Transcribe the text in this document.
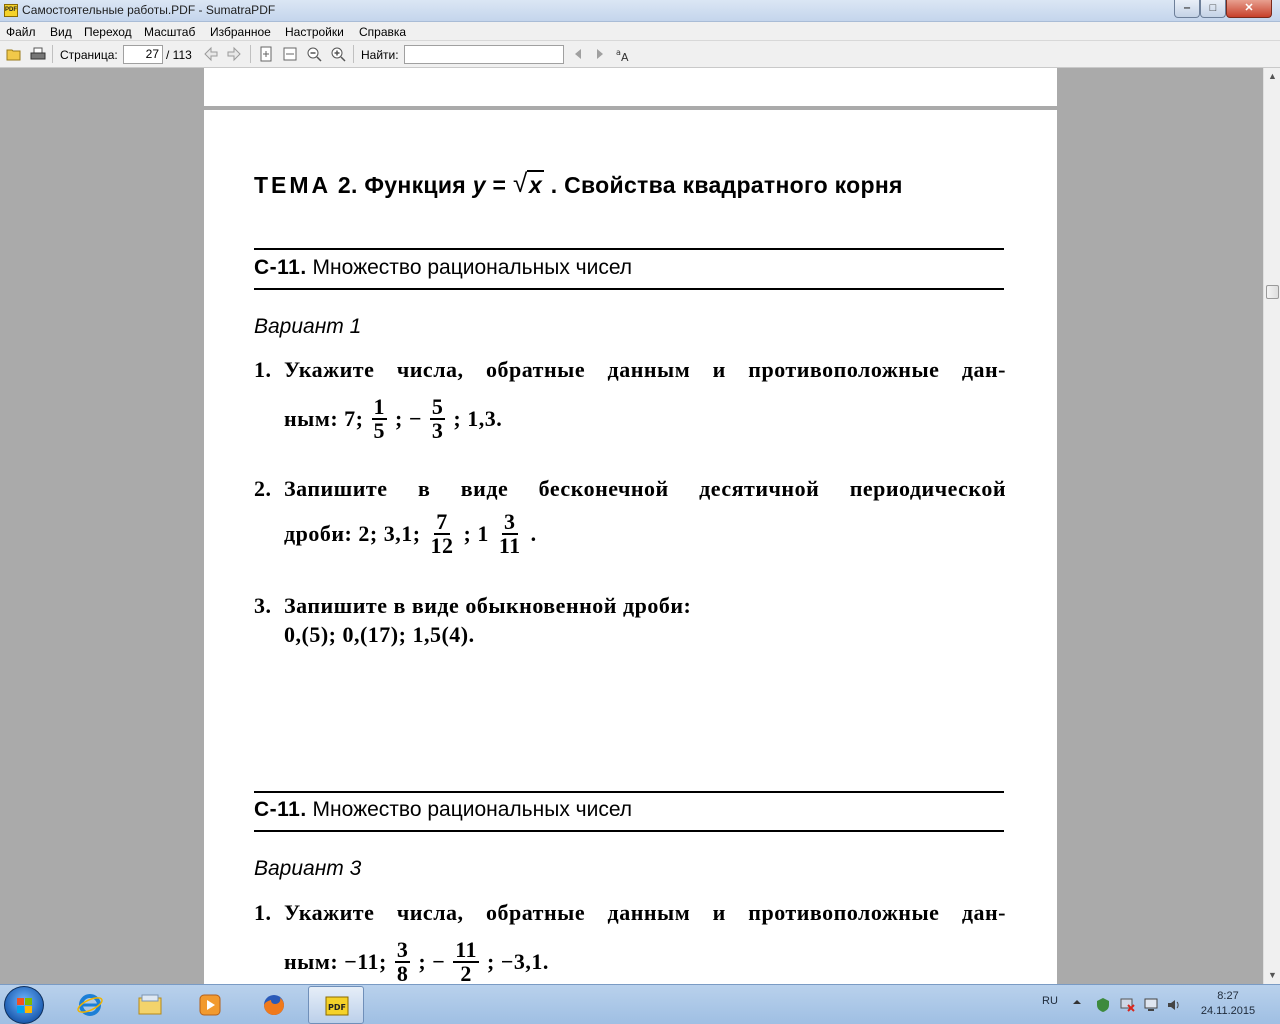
PDF Самостоятельные работы.PDF - SumatraPDF	‒	□	✕
Файл Вид Переход Масштаб Избранное Настройки Справка
Страница:	27 / 113	Найти:	a A
ТЕМА 2. Функция y = √ x . Свойства квадратного корня
С-11. Множество рациональных чисел
Вариант 1
1. Укажите числа, обратные данным и противоположные дан-
ным: 7; $\frac{1}{5}$ ; − $\frac{5}{3}$ ; 1,3.
2. Запишите в виде бесконечной десятичной периодической
дроби: 2; 3,1; $\frac{7}{12}$ ; $1 \frac{3}{11}$ .
3. Запишите в виде обыкновенной дроби:
0,(5); 0,(17); 1,5(4).
С-11. Множество рациональных чисел
Вариант 3
1. Укажите числа, обратные данным и противоположные дан-
ным: −11; $\frac{3}{8}$ ; − $\frac{11}{2}$ ; −3,1.
▲
▼
PDF
RU	8:27
24.11.2015
